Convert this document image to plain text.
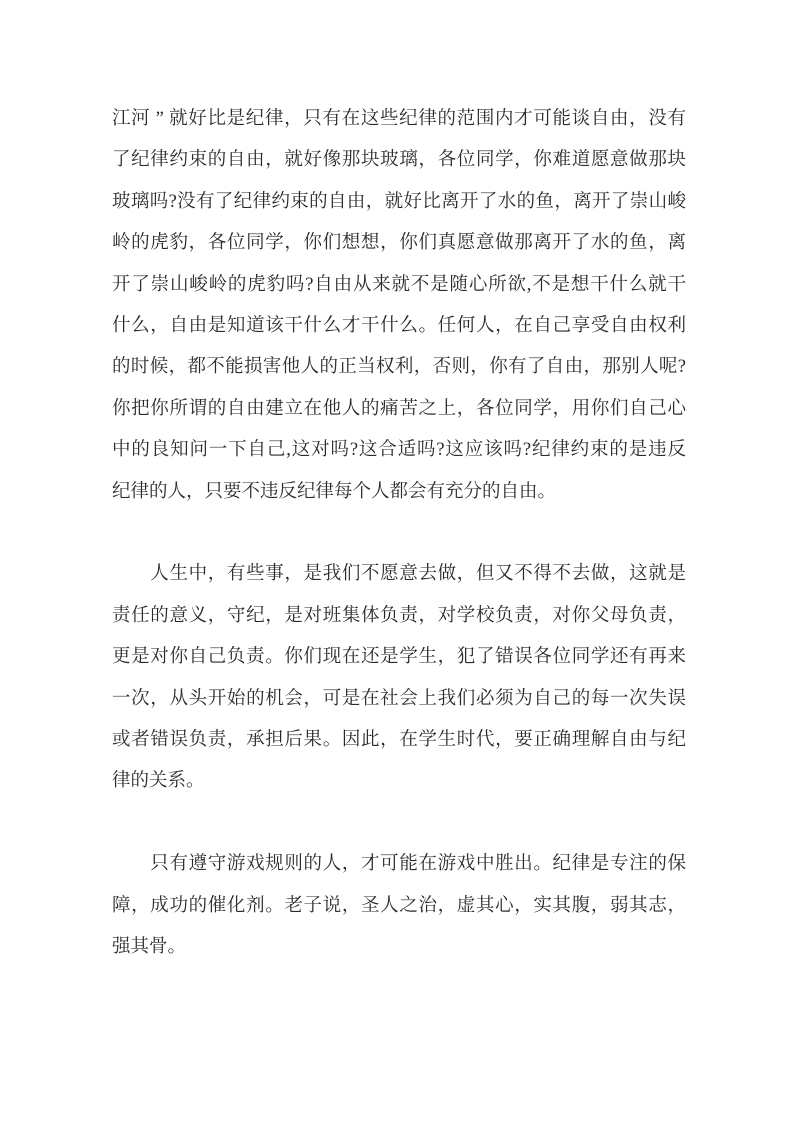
江河 ” 就好比是纪律，只有在这些纪律的范围内才可能谈自由，没有
了纪律约束的自由，就好像那块玻璃，各位同学，你难道愿意做那块
玻璃吗?没有了纪律约束的自由，就好比离开了水的鱼，离开了崇山峻
岭的虎豹，各位同学，你们想想，你们真愿意做那离开了水的鱼，离
开了崇山峻岭的虎豹吗?自由从来就不是随心所欲,不是想干什么就干
什么，自由是知道该干什么才干什么。任何人，在自己享受自由权利
的时候，都不能损害他人的正当权利，否则，你有了自由，那别人呢?
你把你所谓的自由建立在他人的痛苦之上，各位同学，用你们自己心
中的良知问一下自己,这对吗?这合适吗?这应该吗?纪律约束的是违反
纪律的人，只要不违反纪律每个人都会有充分的自由。
　　人生中，有些事，是我们不愿意去做，但又不得不去做，这就是
责任的意义，守纪，是对班集体负责，对学校负责，对你父母负责，
更是对你自己负责。你们现在还是学生，犯了错误各位同学还有再来
一次，从头开始的机会，可是在社会上我们必须为自己的每一次失误
或者错误负责，承担后果。因此，在学生时代，要正确理解自由与纪
律的关系。
　　只有遵守游戏规则的人，才可能在游戏中胜出。纪律是专注的保
障，成功的催化剂。老子说，圣人之治，虚其心，实其腹，弱其志，
强其骨。
